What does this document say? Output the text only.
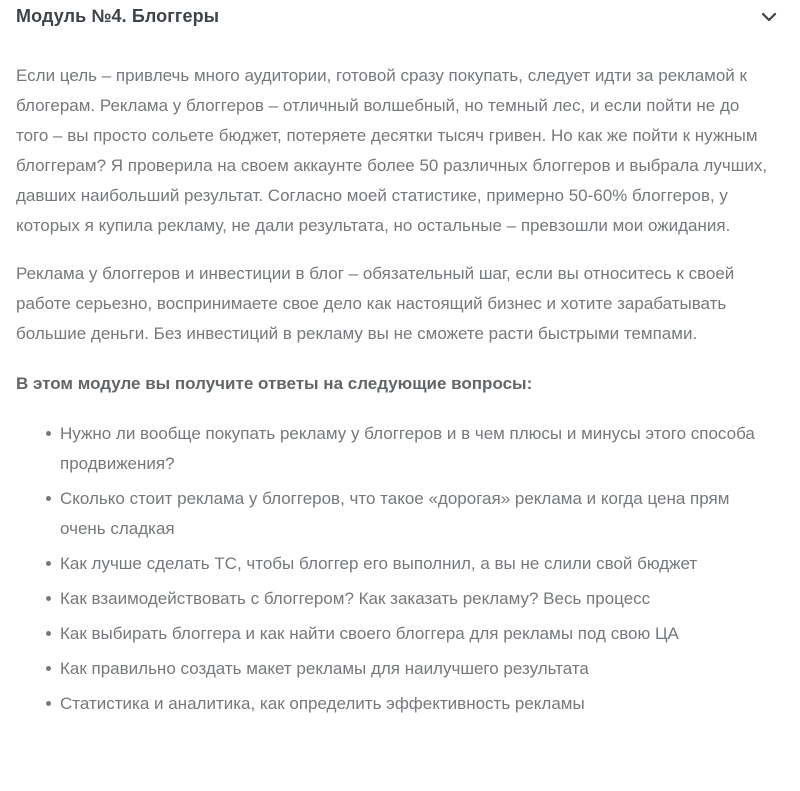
Модуль №4. Блоггеры

Если цель – привлечь много аудитории, готовой сразу покупать, следует идти за рекламой к блогерам. Реклама у блоггеров – отличный волшебный, но темный лес, и если пойти не до того – вы просто сольете бюджет, потеряете десятки тысяч гривен. Но как же пойти к нужным блоггерам? Я проверила на своем аккаунте более 50 различных блоггеров и выбрала лучших, давших наибольший результат. Согласно моей статистике, примерно 50-60% блоггеров, у которых я купила рекламу, не дали результата, но остальные – превзошли мои ожидания.

Реклама у блоггеров и инвестиции в блог – обязательный шаг, если вы относитесь к своей работе серьезно, воспринимаете свое дело как настоящий бизнес и хотите зарабатывать большие деньги. Без инвестиций в рекламу вы не сможете расти быстрыми темпами.

В этом модуле вы получите ответы на следующие вопросы:
Нужно ли вообще покупать рекламу у блоггеров и в чем плюсы и минусы этого способа продвижения?
Сколько стоит реклама у блоггеров, что такое «дорогая» реклама и когда цена прям очень сладкая
Как лучше сделать ТС, чтобы блоггер его выполнил, а вы не слили свой бюджет
Как взаимодействовать с блоггером? Как заказать рекламу? Весь процесс
Как выбирать блоггера и как найти своего блоггера для рекламы под свою ЦА
Как правильно создать макет рекламы для наилучшего результата
Статистика и аналитика, как определить эффективность рекламы
